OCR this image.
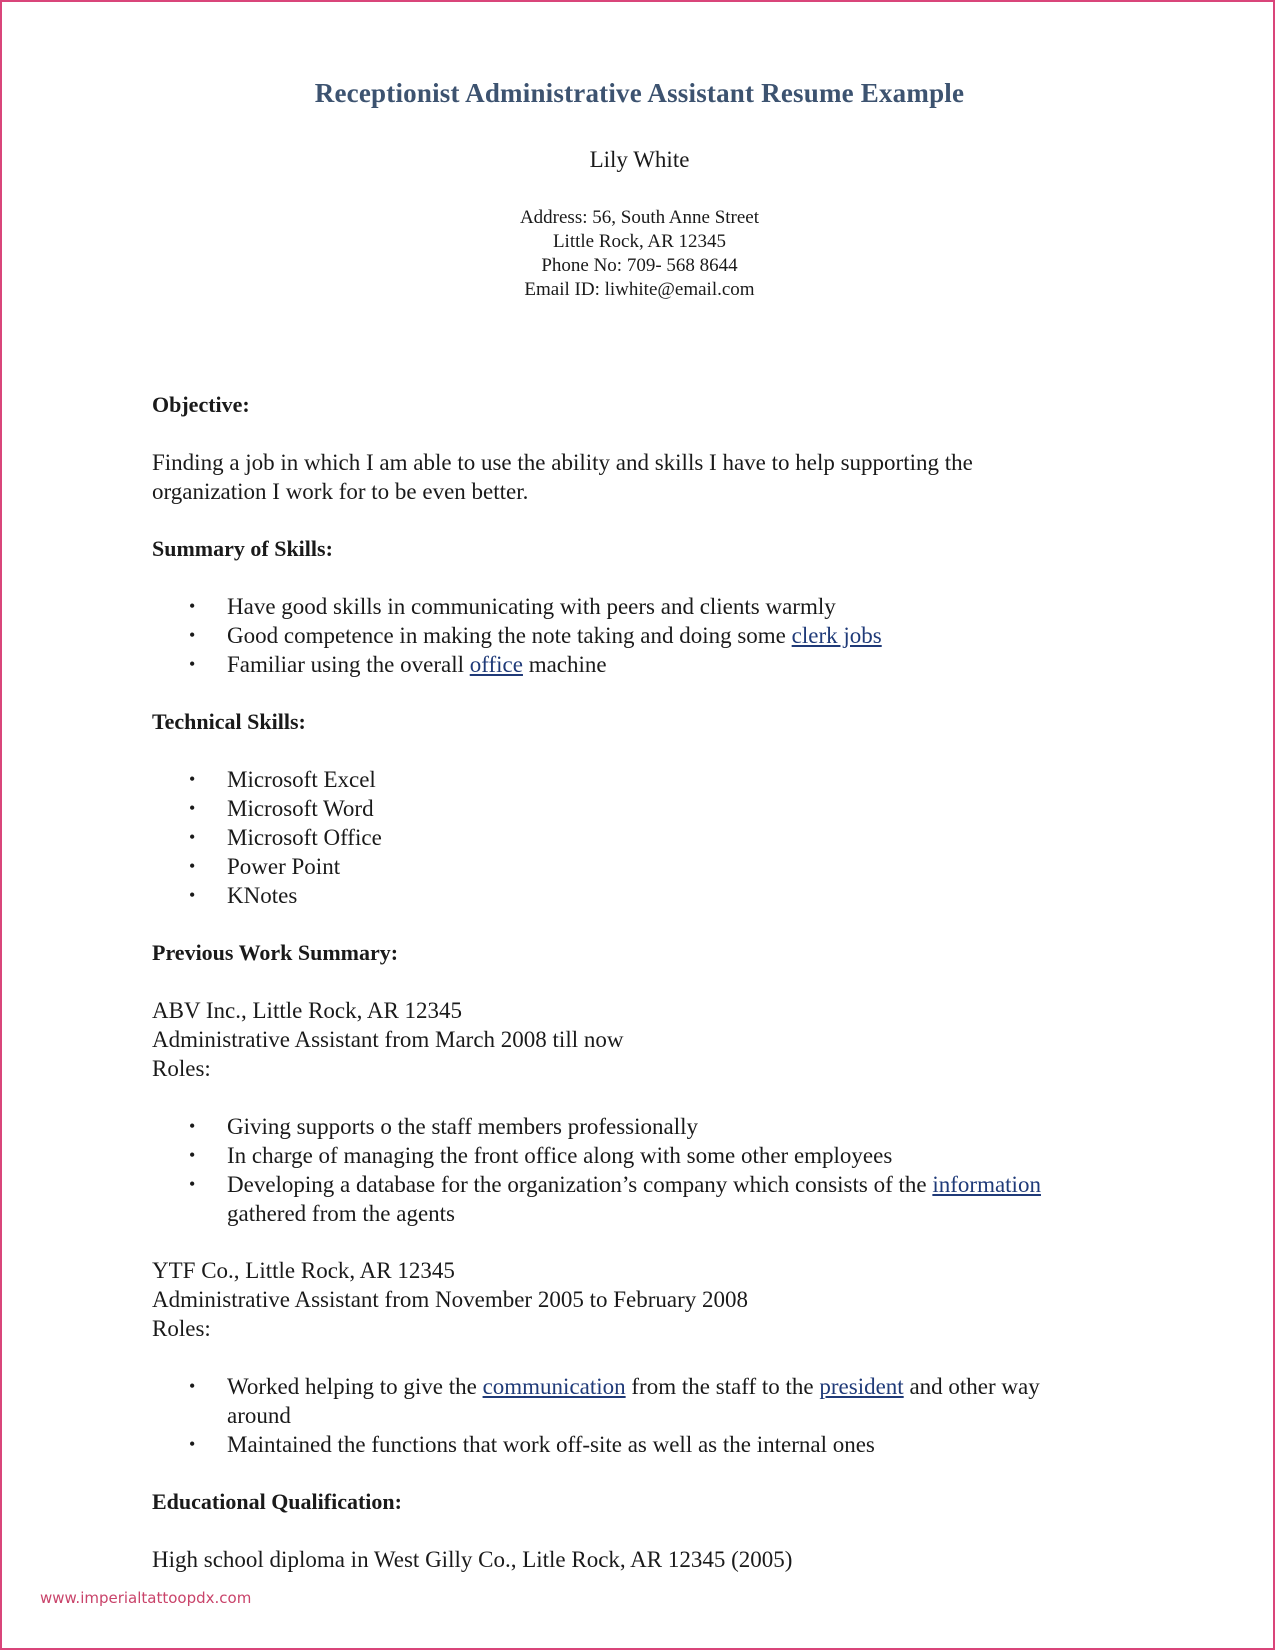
Receptionist Administrative Assistant Resume Example
Lily White
Address: 56, South Anne Street
Little Rock, AR 12345
Phone No: 709- 568 8644
Email ID: liwhite@email.com
Objective:
Finding a job in which I am able to use the ability and skills I have to help supporting the
organization I work for to be even better.
Summary of Skills:
• Have good skills in communicating with peers and clients warmly
• Good competence in making the note taking and doing some clerk jobs
• Familiar using the overall office machine
Technical Skills:
• Microsoft Excel
• Microsoft Word
• Microsoft Office
• Power Point
• KNotes
Previous Work Summary:
ABV Inc., Little Rock, AR 12345
Administrative Assistant from March 2008 till now
Roles:
• Giving supports o the staff members professionally
• In charge of managing the front office along with some other employees
• Developing a database for the organization’s company which consists of the information
gathered from the agents
YTF Co., Little Rock, AR 12345
Administrative Assistant from November 2005 to February 2008
Roles:
• Worked helping to give the communication from the staff to the president and other way
around
• Maintained the functions that work off-site as well as the internal ones
Educational Qualification:
High school diploma in West Gilly Co., Litle Rock, AR 12345 (2005)
www.imperialtattoopdx.com
